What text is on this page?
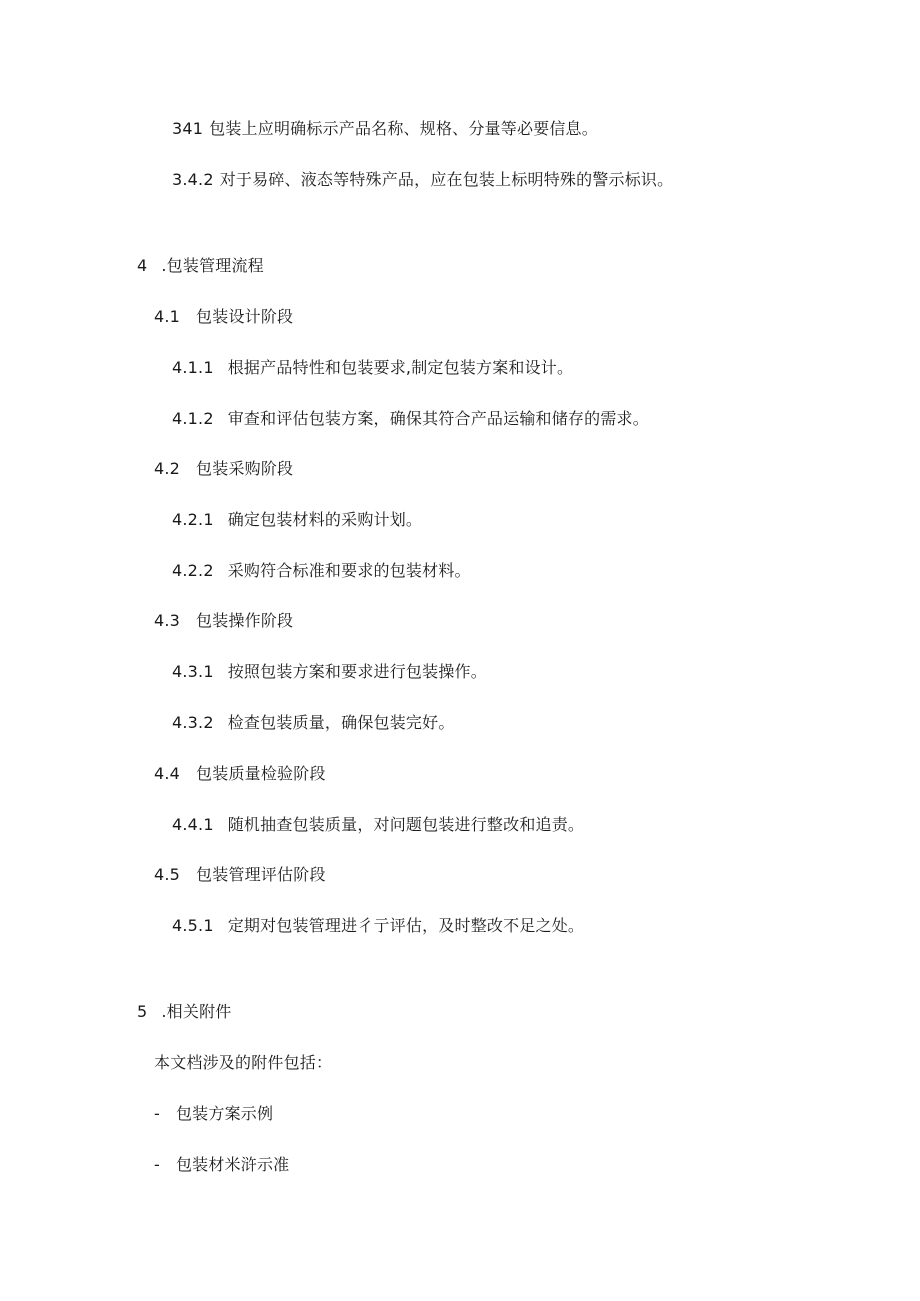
341 包装上应明确标示产品名称、规格、分量等必要信息。
3.4.2 对于易碎、液态等特殊产品，应在包装上标明特殊的警示标识。
4 .包装管理流程
4.1 包装设计阶段
4.1.1 根据产品特性和包装要求,制定包装方案和设计。
4.1.2 审查和评估包装方案，确保其符合产品运输和储存的需求。
4.2 包装采购阶段
4.2.1 确定包装材料的采购计划。
4.2.2 采购符合标准和要求的包装材料。
4.3 包装操作阶段
4.3.1 按照包装方案和要求进行包装操作。
4.3.2 检查包装质量，确保包装完好。
4.4 包装质量检验阶段
4.4.1 随机抽查包装质量，对问题包装进行整改和追责。
4.5 包装管理评估阶段
4.5.1 定期对包装管理进彳亍评估，及时整改不足之处。
5 .相关附件
本文档涉及的附件包括：
- 包装方案示例
- 包装材米浒示准
